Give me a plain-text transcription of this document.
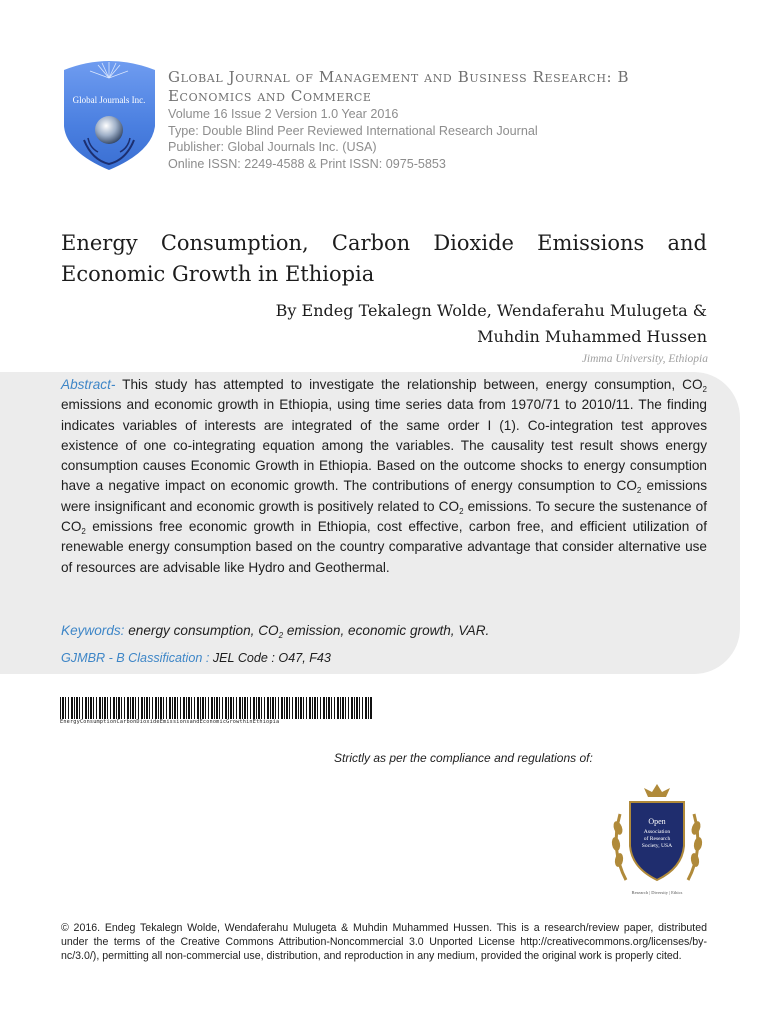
Global Journals Inc.
Global Journal of Management and Business Research: B
Economics and Commerce
Volume 16 Issue 2 Version 1.0 Year 2016
Type: Double Blind Peer Reviewed International Research Journal
Publisher: Global Journals Inc. (USA)
Online ISSN: 2249-4588 & Print ISSN: 0975-5853
Energy Consumption, Carbon Dioxide Emissions and Economic Growth in Ethiopia
By Endeg Tekalegn Wolde, Wendaferahu Mulugeta &
Muhdin Muhammed Hussen
Jimma University, Ethiopia
Abstract- This study has attempted to investigate the relationship between, energy consumption, $CO_2$ emissions and economic growth in Ethiopia, using time series data from 1970/71 to 2010/11. The finding indicates variables of interests are integrated of the same order I (1). Co-integration test approves existence of one co-integrating equation among the variables. The causality test result shows energy consumption causes Economic Growth in Ethiopia. Based on the outcome shocks to energy consumption have a negative impact on economic growth. The contributions of energy consumption to $CO_2$ emissions were insignificant and economic growth is positively related to $CO_2$ emissions. To secure the sustenance of $CO_2$ emissions free economic growth in Ethiopia, cost effective, carbon free, and efficient utilization of renewable energy consumption based on the country comparative advantage that consider alternative use of resources are advisable like Hydro and Geothermal.
Keywords: energy consumption, $CO_2$ emission, economic growth, VAR.
GJMBR - B Classification : JEL Code : O47, F43
EnergyConsumptionCarbonDioxideEmissionsandEconomicGrowthinEthiopia
Strictly as per the compliance and regulations of:
Open
Association
of Research
Society, USA
Research | Diversity | Ethics
© 2016. Endeg Tekalegn Wolde, Wendaferahu Mulugeta & Muhdin Muhammed Hussen. This is a research/review paper, distributed under the terms of the Creative Commons Attribution-Noncommercial 3.0 Unported License http://creativecommons.org/licenses/by-nc/3.0/), permitting all non-commercial use, distribution, and reproduction in any medium, provided the original work is properly cited.
